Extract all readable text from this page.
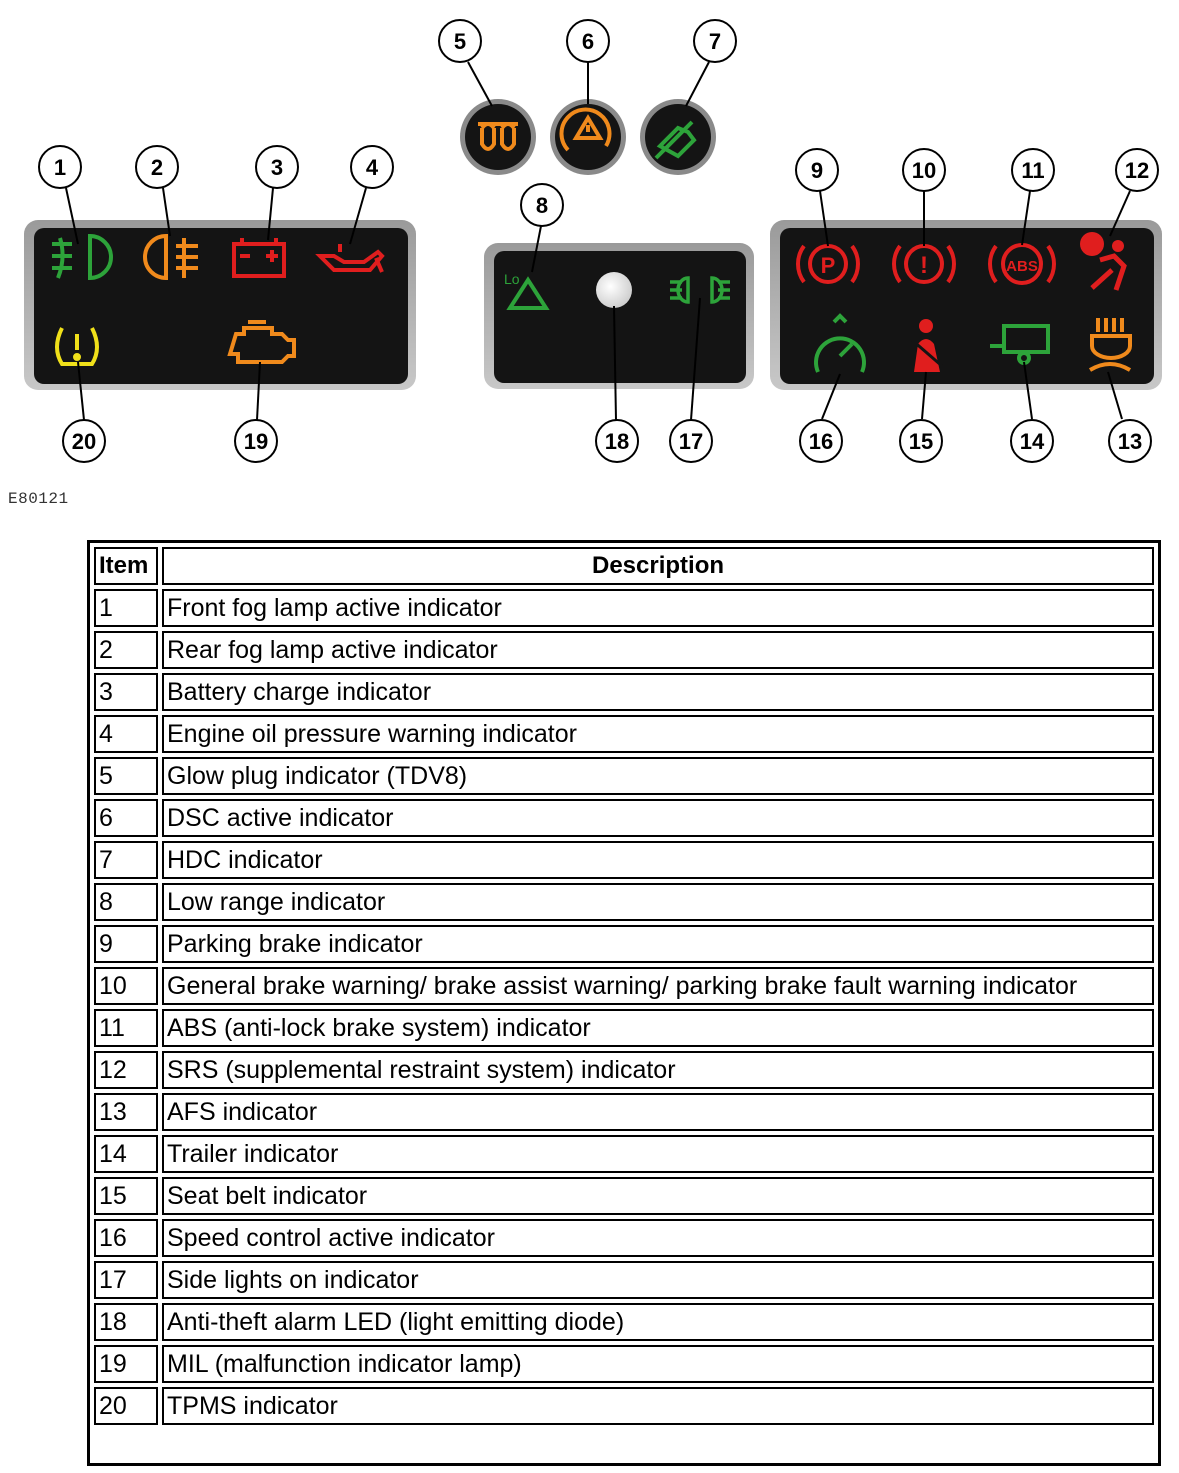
Lo
P	!	ABS
1	2	3	4
5	6	7
8
9	10	11	12
13
14
15
16
17
18
19
20
E80121
Item	Description
1	Front fog lamp active indicator
2	Rear fog lamp active indicator
3	Battery charge indicator
4	Engine oil pressure warning indicator
5	Glow plug indicator (TDV8)
6	DSC active indicator
7	HDC indicator
8	Low range indicator
9	Parking brake indicator
10	General brake warning/ brake assist warning/ parking brake fault warning indicator
11	ABS (anti-lock brake system) indicator
12	SRS (supplemental restraint system) indicator
13	AFS indicator
14	Trailer indicator
15	Seat belt indicator
16	Speed control active indicator
17	Side lights on indicator
18	Anti-theft alarm LED (light emitting diode)
19	MIL (malfunction indicator lamp)
20	TPMS indicator
